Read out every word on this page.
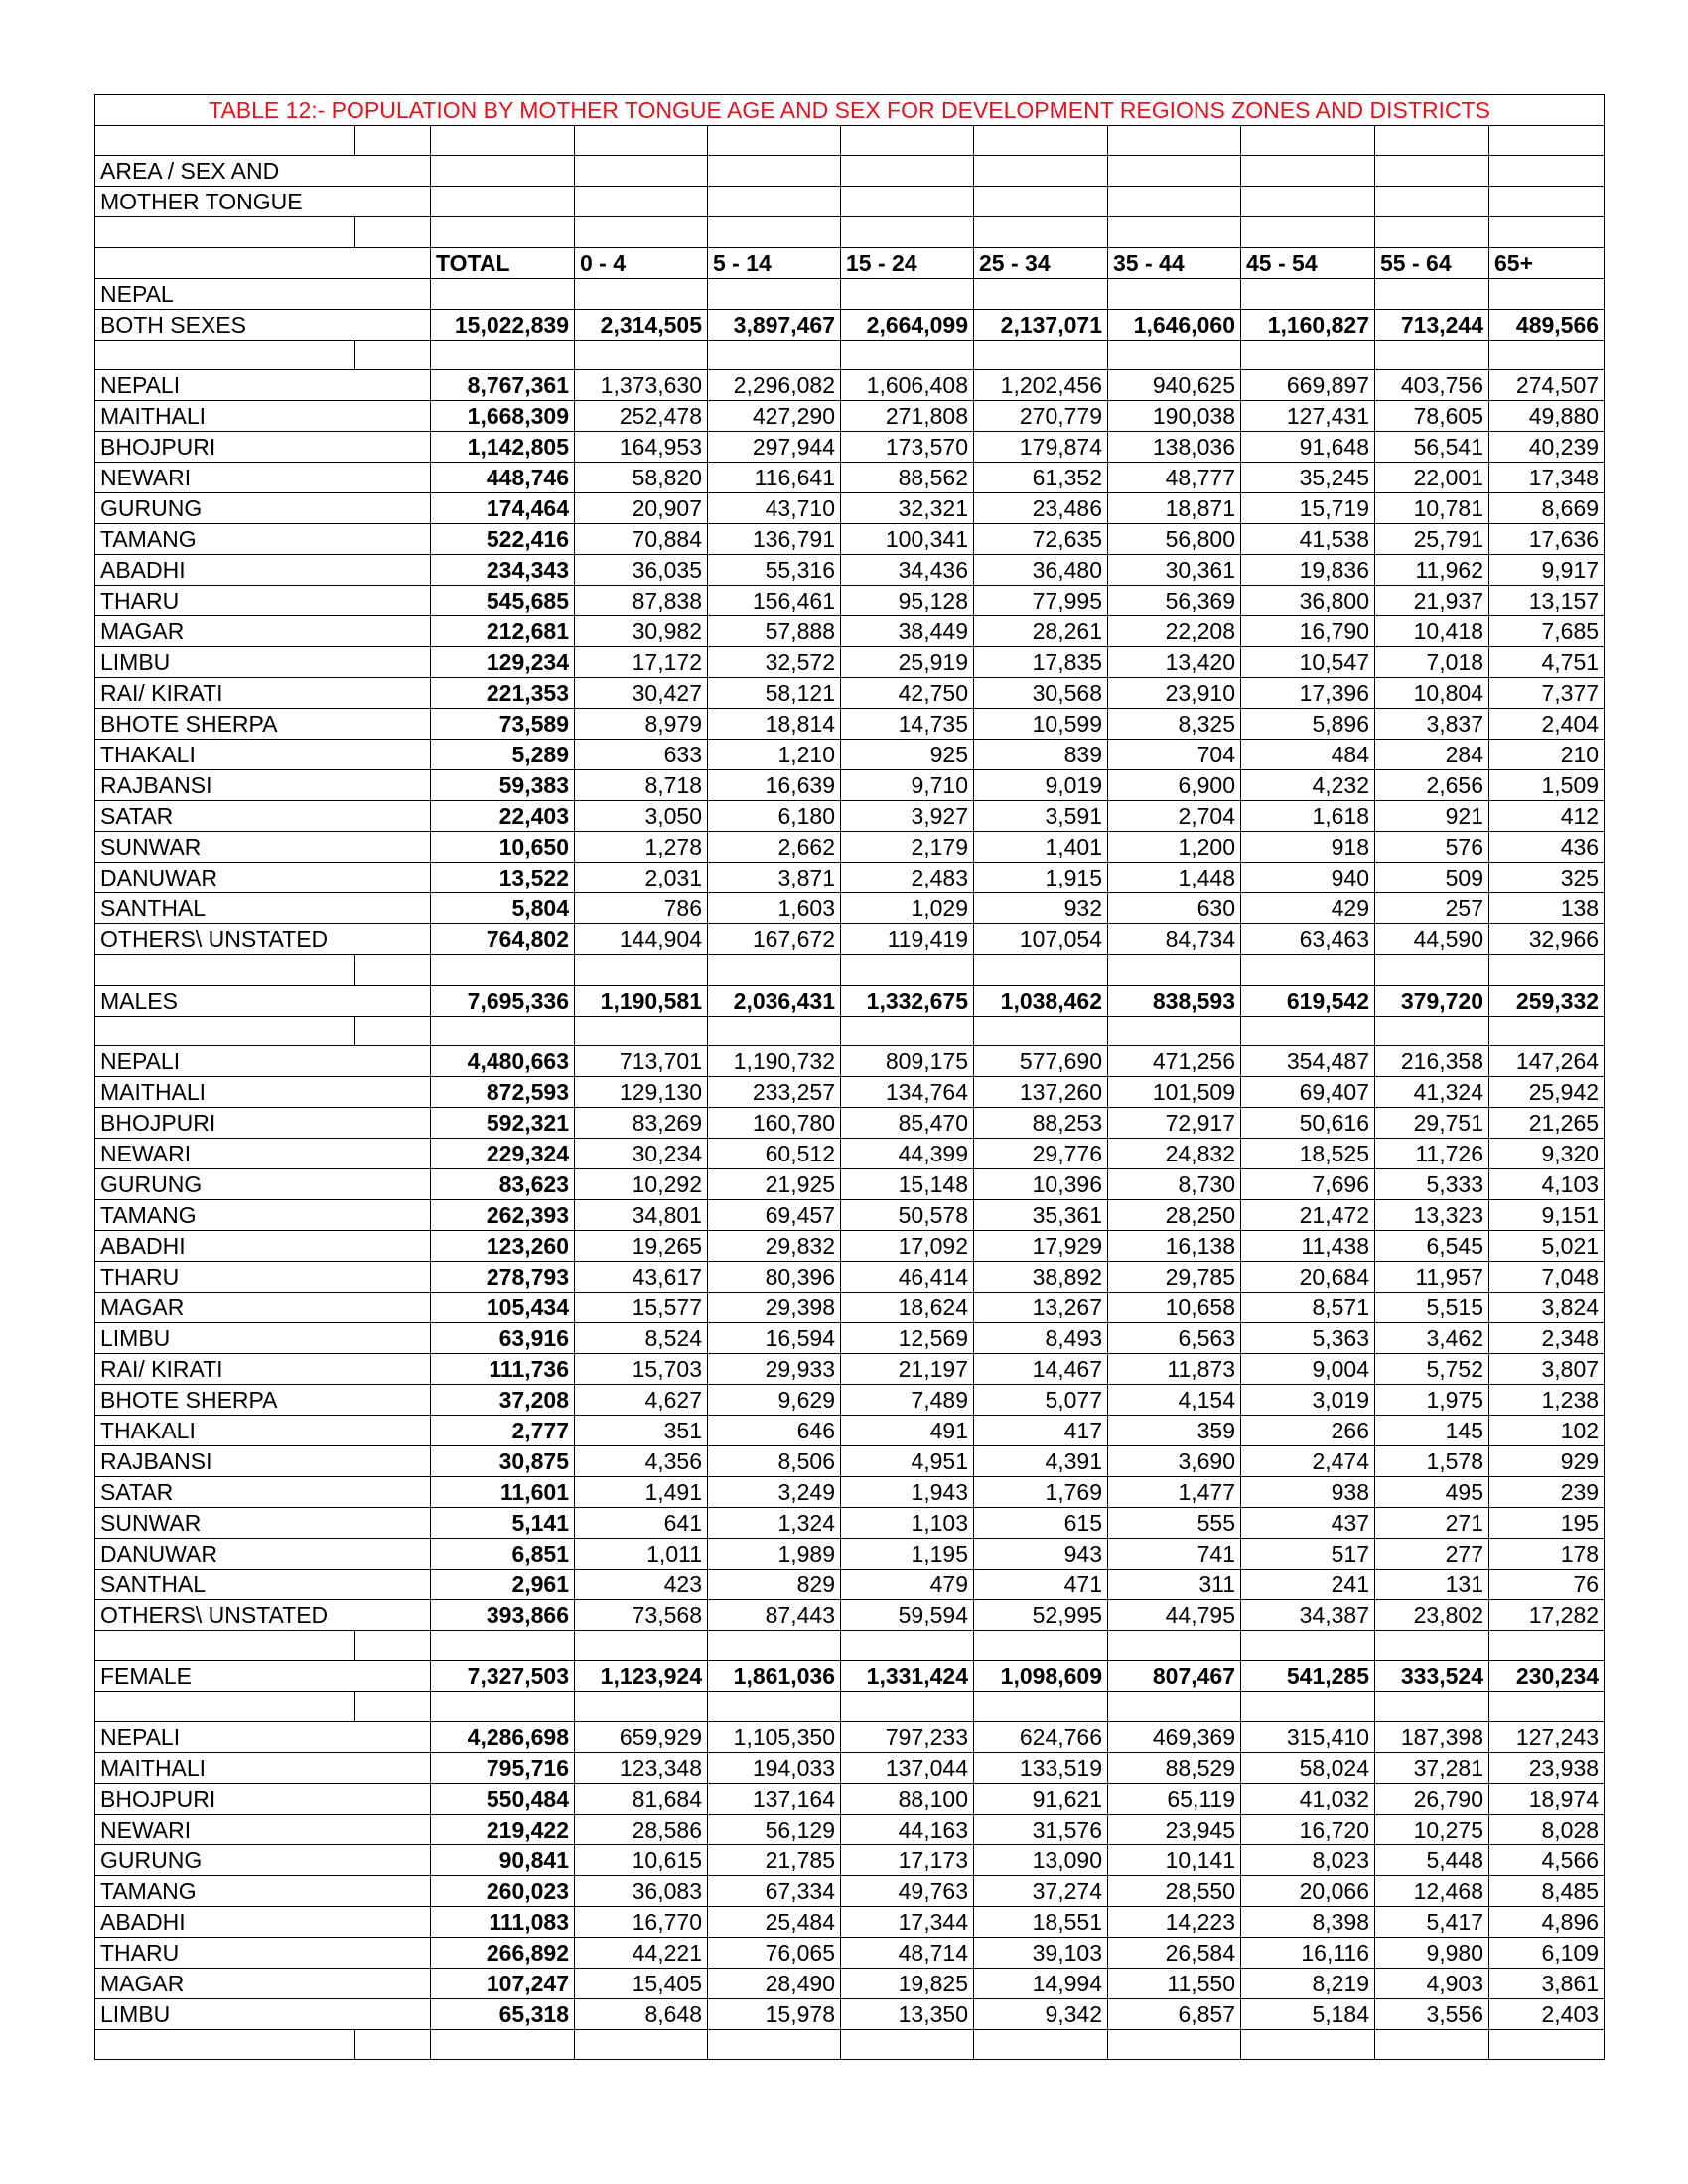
TABLE 12:- POPULATION BY MOTHER TONGUE AGE AND SEX FOR DEVELOPMENT REGIONS ZONES AND DISTRICTS										

AREA / SEX AND										
MOTHER TONGUE										

		TOTAL	0 - 4	5 - 14	15 - 24	25 - 34	35 - 44	45 - 54	55 - 64	65+
NEPAL										
BOTH SEXES		15,022,839	2,314,505	3,897,467	2,664,099	2,137,071	1,646,060	1,160,827	713,244	489,566

NEPALI		8,767,361	1,373,630	2,296,082	1,606,408	1,202,456	940,625	669,897	403,756	274,507
MAITHALI		1,668,309	252,478	427,290	271,808	270,779	190,038	127,431	78,605	49,880
BHOJPURI		1,142,805	164,953	297,944	173,570	179,874	138,036	91,648	56,541	40,239
NEWARI		448,746	58,820	116,641	88,562	61,352	48,777	35,245	22,001	17,348
GURUNG		174,464	20,907	43,710	32,321	23,486	18,871	15,719	10,781	8,669
TAMANG		522,416	70,884	136,791	100,341	72,635	56,800	41,538	25,791	17,636
ABADHI		234,343	36,035	55,316	34,436	36,480	30,361	19,836	11,962	9,917
THARU		545,685	87,838	156,461	95,128	77,995	56,369	36,800	21,937	13,157
MAGAR		212,681	30,982	57,888	38,449	28,261	22,208	16,790	10,418	7,685
LIMBU		129,234	17,172	32,572	25,919	17,835	13,420	10,547	7,018	4,751
RAI/ KIRATI		221,353	30,427	58,121	42,750	30,568	23,910	17,396	10,804	7,377
BHOTE SHERPA		73,589	8,979	18,814	14,735	10,599	8,325	5,896	3,837	2,404
THAKALI		5,289	633	1,210	925	839	704	484	284	210
RAJBANSI		59,383	8,718	16,639	9,710	9,019	6,900	4,232	2,656	1,509
SATAR		22,403	3,050	6,180	3,927	3,591	2,704	1,618	921	412
SUNWAR		10,650	1,278	2,662	2,179	1,401	1,200	918	576	436
DANUWAR		13,522	2,031	3,871	2,483	1,915	1,448	940	509	325
SANTHAL		5,804	786	1,603	1,029	932	630	429	257	138
OTHERS\ UNSTATED		764,802	144,904	167,672	119,419	107,054	84,734	63,463	44,590	32,966

MALES		7,695,336	1,190,581	2,036,431	1,332,675	1,038,462	838,593	619,542	379,720	259,332

NEPALI		4,480,663	713,701	1,190,732	809,175	577,690	471,256	354,487	216,358	147,264
MAITHALI		872,593	129,130	233,257	134,764	137,260	101,509	69,407	41,324	25,942
BHOJPURI		592,321	83,269	160,780	85,470	88,253	72,917	50,616	29,751	21,265
NEWARI		229,324	30,234	60,512	44,399	29,776	24,832	18,525	11,726	9,320
GURUNG		83,623	10,292	21,925	15,148	10,396	8,730	7,696	5,333	4,103
TAMANG		262,393	34,801	69,457	50,578	35,361	28,250	21,472	13,323	9,151
ABADHI		123,260	19,265	29,832	17,092	17,929	16,138	11,438	6,545	5,021
THARU		278,793	43,617	80,396	46,414	38,892	29,785	20,684	11,957	7,048
MAGAR		105,434	15,577	29,398	18,624	13,267	10,658	8,571	5,515	3,824
LIMBU		63,916	8,524	16,594	12,569	8,493	6,563	5,363	3,462	2,348
RAI/ KIRATI		111,736	15,703	29,933	21,197	14,467	11,873	9,004	5,752	3,807
BHOTE SHERPA		37,208	4,627	9,629	7,489	5,077	4,154	3,019	1,975	1,238
THAKALI		2,777	351	646	491	417	359	266	145	102
RAJBANSI		30,875	4,356	8,506	4,951	4,391	3,690	2,474	1,578	929
SATAR		11,601	1,491	3,249	1,943	1,769	1,477	938	495	239
SUNWAR		5,141	641	1,324	1,103	615	555	437	271	195
DANUWAR		6,851	1,011	1,989	1,195	943	741	517	277	178
SANTHAL		2,961	423	829	479	471	311	241	131	76
OTHERS\ UNSTATED		393,866	73,568	87,443	59,594	52,995	44,795	34,387	23,802	17,282

FEMALE		7,327,503	1,123,924	1,861,036	1,331,424	1,098,609	807,467	541,285	333,524	230,234

NEPALI		4,286,698	659,929	1,105,350	797,233	624,766	469,369	315,410	187,398	127,243
MAITHALI		795,716	123,348	194,033	137,044	133,519	88,529	58,024	37,281	23,938
BHOJPURI		550,484	81,684	137,164	88,100	91,621	65,119	41,032	26,790	18,974
NEWARI		219,422	28,586	56,129	44,163	31,576	23,945	16,720	10,275	8,028
GURUNG		90,841	10,615	21,785	17,173	13,090	10,141	8,023	5,448	4,566
TAMANG		260,023	36,083	67,334	49,763	37,274	28,550	20,066	12,468	8,485
ABADHI		111,083	16,770	25,484	17,344	18,551	14,223	8,398	5,417	4,896
THARU		266,892	44,221	76,065	48,714	39,103	26,584	16,116	9,980	6,109
MAGAR		107,247	15,405	28,490	19,825	14,994	11,550	8,219	4,903	3,861
LIMBU		65,318	8,648	15,978	13,350	9,342	6,857	5,184	3,556	2,403
